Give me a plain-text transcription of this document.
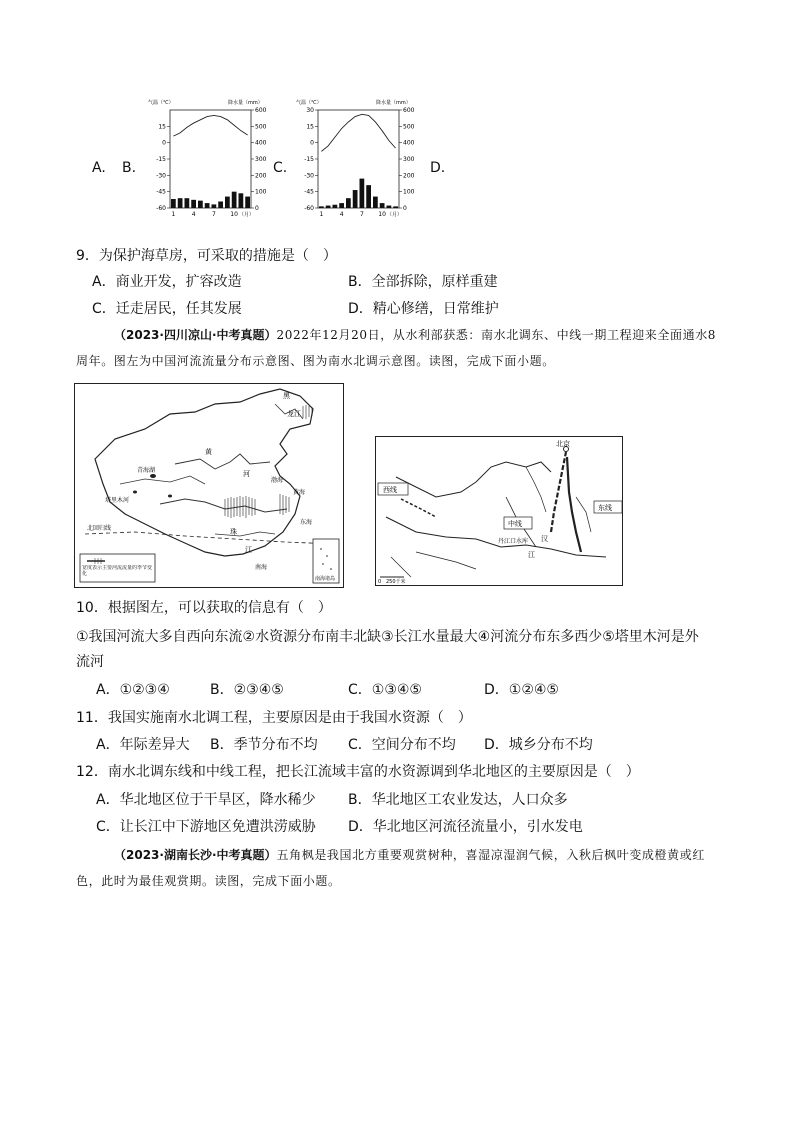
A. B.
气温（℃）	降水量（mm）
15
0
-15
-30
-45
-60
600
500
400
300
200
100
0
1	4	7 10 （月）
C.
气温（℃）	降水量（mm）
30
15
0
-15
-30
-45
-60
600
500
400
300
200
100
0
1	4	7 10 （月）
D.
9．为保护海草房，可采取的措施是（　）
A．商业开发，扩容改造	B．全部拆除，原样重建
C．迁走居民，任其发展	D．精心修缮，日常维护
（2023·四川凉山·中考真题）2022年12月20日，从水利部获悉：南水北调东、中线一期工程迎来全面通水8周年。图左为中国河流流量分布示意图、图为南水北调示意图。读图，完成下面小题。
黑
龙江
青海湖
塔里木河
黄
河
渤海
黄海
东海
南海
珠
江
北回归线
宽度表示主要河流流量的季节变化
南海诸岛
北京
西线
中线
东线
丹江口水库 汉
江
0 250千米
10．根据图左，可以获取的信息有（　）
①我国河流大多自西向东流②水资源分布南丰北缺③长江水量最大④河流分布东多西少⑤塔里木河是外
流河
A．①②③④	B．②③④⑤	C．①③④⑤	D．①②④⑤
11．我国实施南水北调工程，主要原因是由于我国水资源（　）
A．年际差异大 B．季节分布不均 C．空间分布不均 D．城乡分布不均
12．南水北调东线和中线工程，把长江流域丰富的水资源调到华北地区的主要原因是（　）
A．华北地区位于干旱区，降水稀少 B．华北地区工农业发达，人口众多
C．让长江中下游地区免遭洪涝威胁 D．华北地区河流径流量小，引水发电
（2023·湖南长沙·中考真题）五角枫是我国北方重要观赏树种，喜湿凉湿润气候，入秋后枫叶变成橙黄或红色，此时为最佳观赏期。读图，完成下面小题。
